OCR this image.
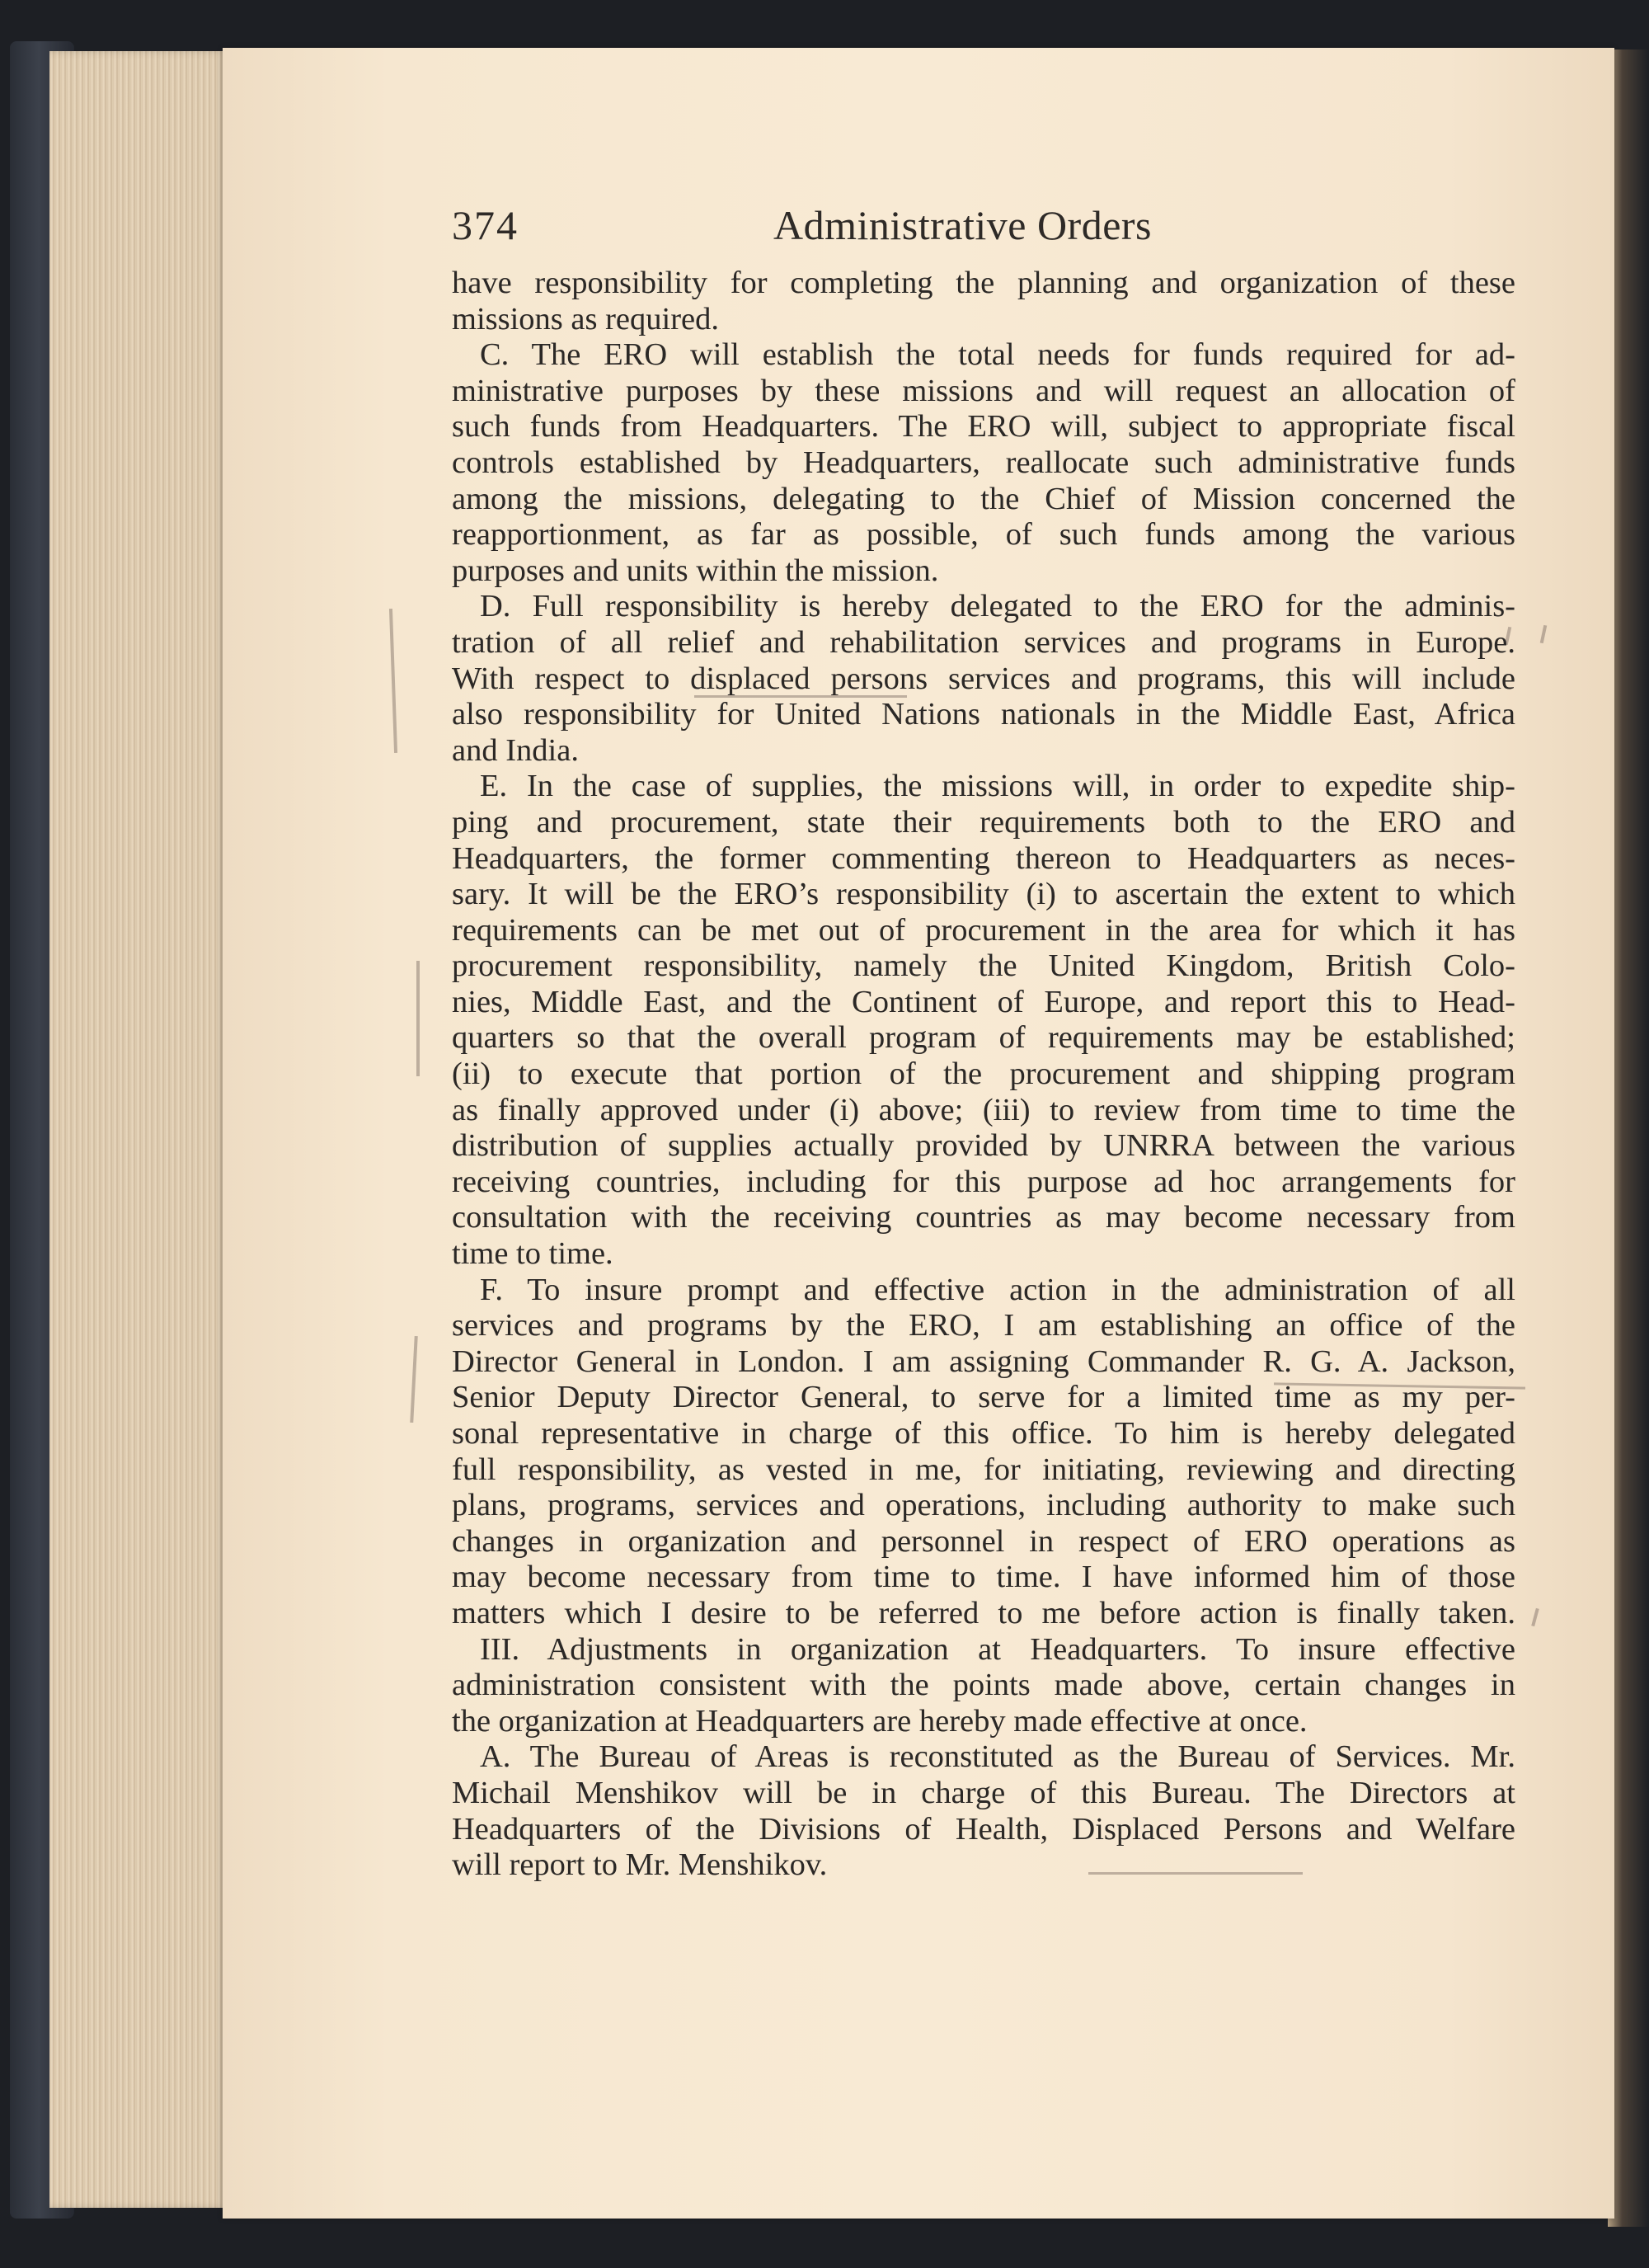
374	Administrative Orders
have responsibility for completing the planning and organization of these
missions as required.
C. The ERO will establish the total needs for funds required for ad-
ministrative purposes by these missions and will request an allocation of
such funds from Headquarters. The ERO will, subject to appropriate fiscal
controls established by Headquarters, reallocate such administrative funds
among the missions, delegating to the Chief of Mission concerned the
reapportionment, as far as possible, of such funds among the various
purposes and units within the mission.
D. Full responsibility is hereby delegated to the ERO for the adminis-
tration of all relief and rehabilitation services and programs in Europe.
With respect to displaced persons services and programs, this will include
also responsibility for United Nations nationals in the Middle East, Africa
and India.
E. In the case of supplies, the missions will, in order to expedite ship-
ping and procurement, state their requirements both to the ERO and
Headquarters, the former commenting thereon to Headquarters as neces-
sary. It will be the ERO’s responsibility (i) to ascertain the extent to which
requirements can be met out of procurement in the area for which it has
procurement responsibility, namely the United Kingdom, British Colo-
nies, Middle East, and the Continent of Europe, and report this to Head-
quarters so that the overall program of requirements may be established;
(ii) to execute that portion of the procurement and shipping program
as finally approved under (i) above; (iii) to review from time to time the
distribution of supplies actually provided by UNRRA between the various
receiving countries, including for this purpose ad hoc arrangements for
consultation with the receiving countries as may become necessary from
time to time.
F. To insure prompt and effective action in the administration of all
services and programs by the ERO, I am establishing an office of the
Director General in London. I am assigning Commander R. G. A. Jackson,
Senior Deputy Director General, to serve for a limited time as my per-
sonal representative in charge of this office. To him is hereby delegated
full responsibility, as vested in me, for initiating, reviewing and directing
plans, programs, services and operations, including authority to make such
changes in organization and personnel in respect of ERO operations as
may become necessary from time to time. I have informed him of those
matters which I desire to be referred to me before action is finally taken.
III. Adjustments in organization at Headquarters. To insure effective
administration consistent with the points made above, certain changes in
the organization at Headquarters are hereby made effective at once.
A. The Bureau of Areas is reconstituted as the Bureau of Services. Mr.
Michail Menshikov will be in charge of this Bureau. The Directors at
Headquarters of the Divisions of Health, Displaced Persons and Welfare
will report to Mr. Menshikov.
